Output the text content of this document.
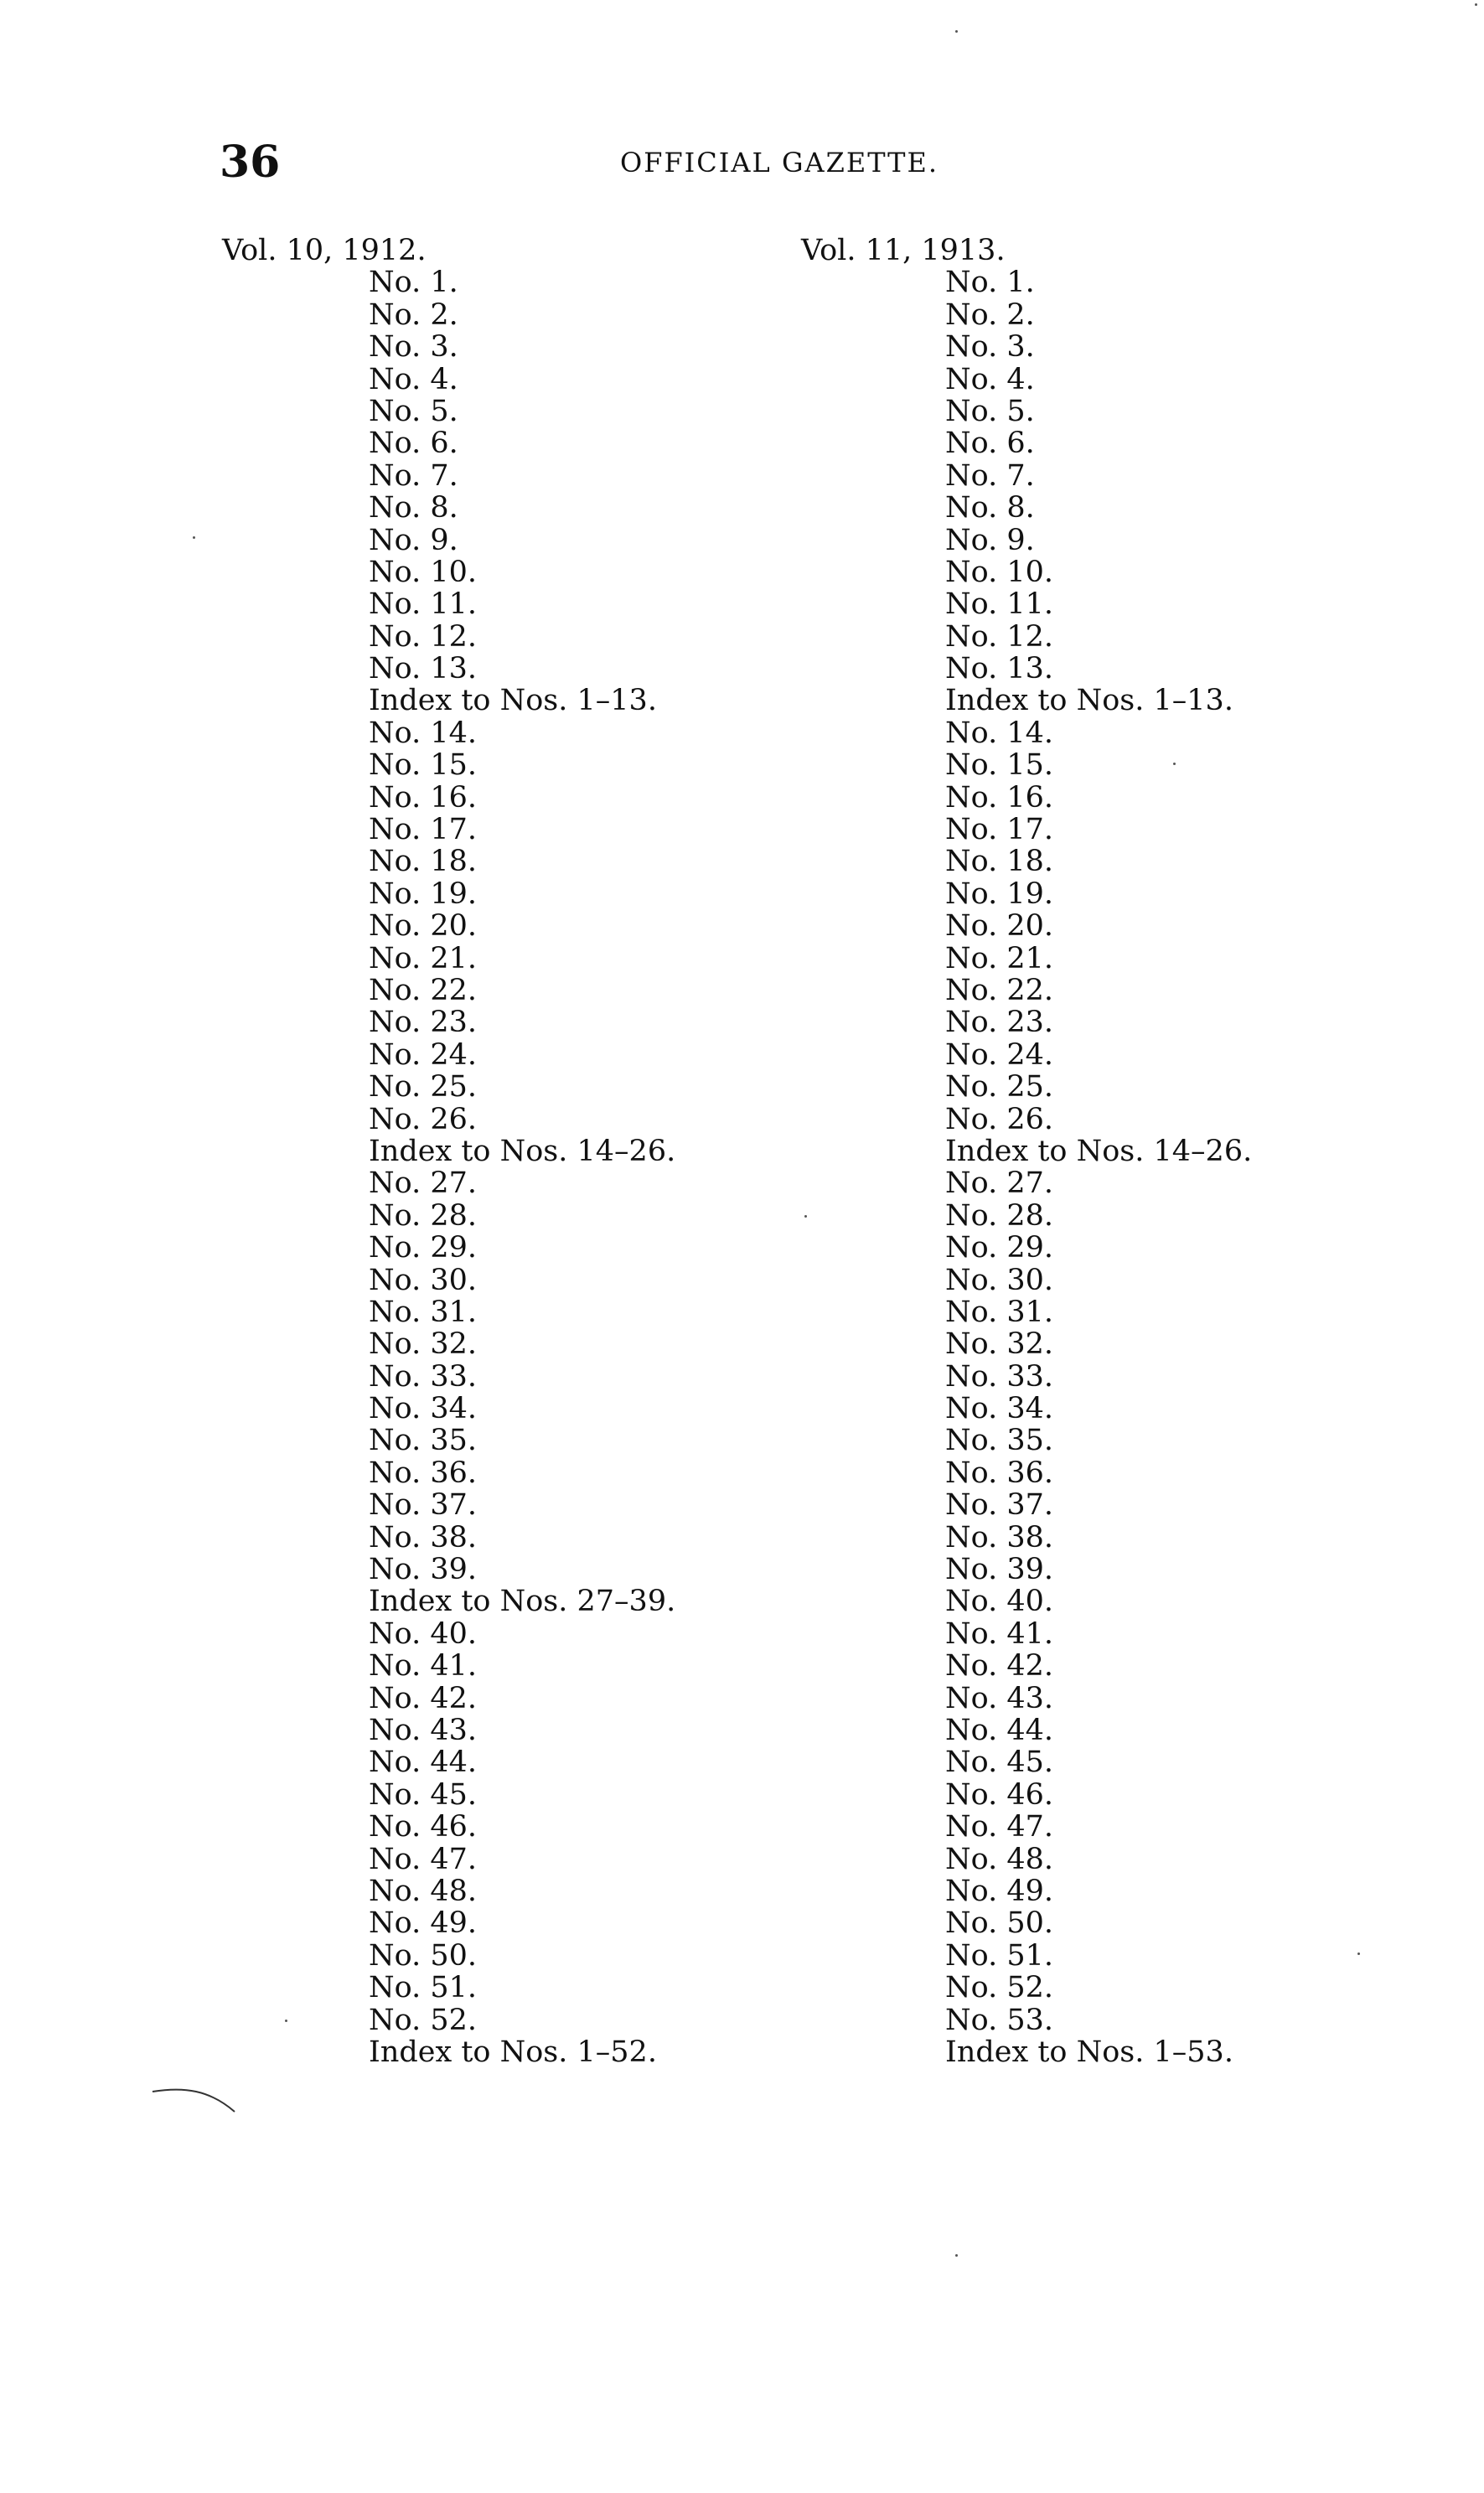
36	OFFICIAL GAZETTE.
Vol. 10, 1912.
No. 1.
No. 2.
No. 3.
No. 4.
No. 5.
No. 6.
No. 7.
No. 8.
No. 9.
No. 10.
No. 11.
No. 12.
No. 13.
Index to Nos. 1–13.
No. 14.
No. 15.
No. 16.
No. 17.
No. 18.
No. 19.
No. 20.
No. 21.
No. 22.
No. 23.
No. 24.
No. 25.
No. 26.
Index to Nos. 14–26.
No. 27.
No. 28.
No. 29.
No. 30.
No. 31.
No. 32.
No. 33.
No. 34.
No. 35.
No. 36.
No. 37.
No. 38.
No. 39.
Index to Nos. 27–39.
No. 40.
No. 41.
No. 42.
No. 43.
No. 44.
No. 45.
No. 46.
No. 47.
No. 48.
No. 49.
No. 50.
No. 51.
No. 52.
Index to Nos. 1–52.
Vol. 11, 1913.
No. 1.
No. 2.
No. 3.
No. 4.
No. 5.
No. 6.
No. 7.
No. 8.
No. 9.
No. 10.
No. 11.
No. 12.
No. 13.
Index to Nos. 1–13.
No. 14.
No. 15.
No. 16.
No. 17.
No. 18.
No. 19.
No. 20.
No. 21.
No. 22.
No. 23.
No. 24.
No. 25.
No. 26.
Index to Nos. 14–26.
No. 27.
No. 28.
No. 29.
No. 30.
No. 31.
No. 32.
No. 33.
No. 34.
No. 35.
No. 36.
No. 37.
No. 38.
No. 39.
No. 40.
No. 41.
No. 42.
No. 43.
No. 44.
No. 45.
No. 46.
No. 47.
No. 48.
No. 49.
No. 50.
No. 51.
No. 52.
No. 53.
Index to Nos. 1–53.
